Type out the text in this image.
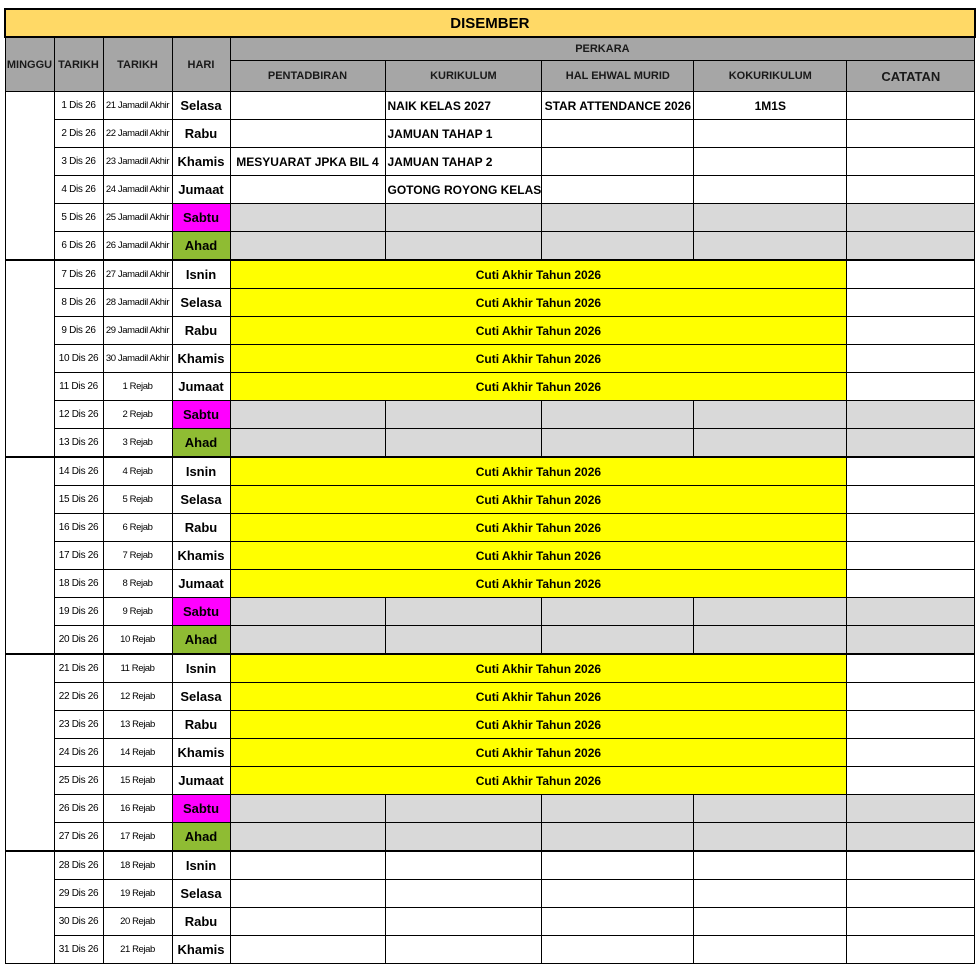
DISEMBER								
MINGGU	TARIKH	TARIKH	HARI	PERKARA				
				PENTADBIRAN	KURIKULUM	HAL EHWAL MURID	KOKURIKULUM	CATATAN
	1 Dis 26	21 Jamadil Akhir	Selasa		NAIK KELAS 2027	STAR ATTENDANCE 2026	1M1S	
	2 Dis 26	22 Jamadil Akhir	Rabu		JAMUAN TAHAP 1			
	3 Dis 26	23 Jamadil Akhir	Khamis	MESYUARAT JPKA BIL 4	JAMUAN TAHAP 2			
	4 Dis 26	24 Jamadil Akhir	Jumaat		GOTONG ROYONG KELAS			
	5 Dis 26	25 Jamadil Akhir	Sabtu					
	6 Dis 26	26 Jamadil Akhir	Ahad					
	7 Dis 26	27 Jamadil Akhir	Isnin	Cuti Akhir Tahun 2026				
	8 Dis 26	28 Jamadil Akhir	Selasa	Cuti Akhir Tahun 2026				
	9 Dis 26	29 Jamadil Akhir	Rabu	Cuti Akhir Tahun 2026				
	10 Dis 26	30 Jamadil Akhir	Khamis	Cuti Akhir Tahun 2026				
	11 Dis 26	1 Rejab	Jumaat	Cuti Akhir Tahun 2026				
	12 Dis 26	2 Rejab	Sabtu					
	13 Dis 26	3 Rejab	Ahad					
	14 Dis 26	4 Rejab	Isnin	Cuti Akhir Tahun 2026				
	15 Dis 26	5 Rejab	Selasa	Cuti Akhir Tahun 2026				
	16 Dis 26	6 Rejab	Rabu	Cuti Akhir Tahun 2026				
	17 Dis 26	7 Rejab	Khamis	Cuti Akhir Tahun 2026				
	18 Dis 26	8 Rejab	Jumaat	Cuti Akhir Tahun 2026				
	19 Dis 26	9 Rejab	Sabtu					
	20 Dis 26	10 Rejab	Ahad					
	21 Dis 26	11 Rejab	Isnin	Cuti Akhir Tahun 2026				
	22 Dis 26	12 Rejab	Selasa	Cuti Akhir Tahun 2026				
	23 Dis 26	13 Rejab	Rabu	Cuti Akhir Tahun 2026				
	24 Dis 26	14 Rejab	Khamis	Cuti Akhir Tahun 2026				
	25 Dis 26	15 Rejab	Jumaat	Cuti Akhir Tahun 2026				
	26 Dis 26	16 Rejab	Sabtu					
	27 Dis 26	17 Rejab	Ahad					
	28 Dis 26	18 Rejab	Isnin					
	29 Dis 26	19 Rejab	Selasa					
	30 Dis 26	20 Rejab	Rabu					
	31 Dis 26	21 Rejab	Khamis					
